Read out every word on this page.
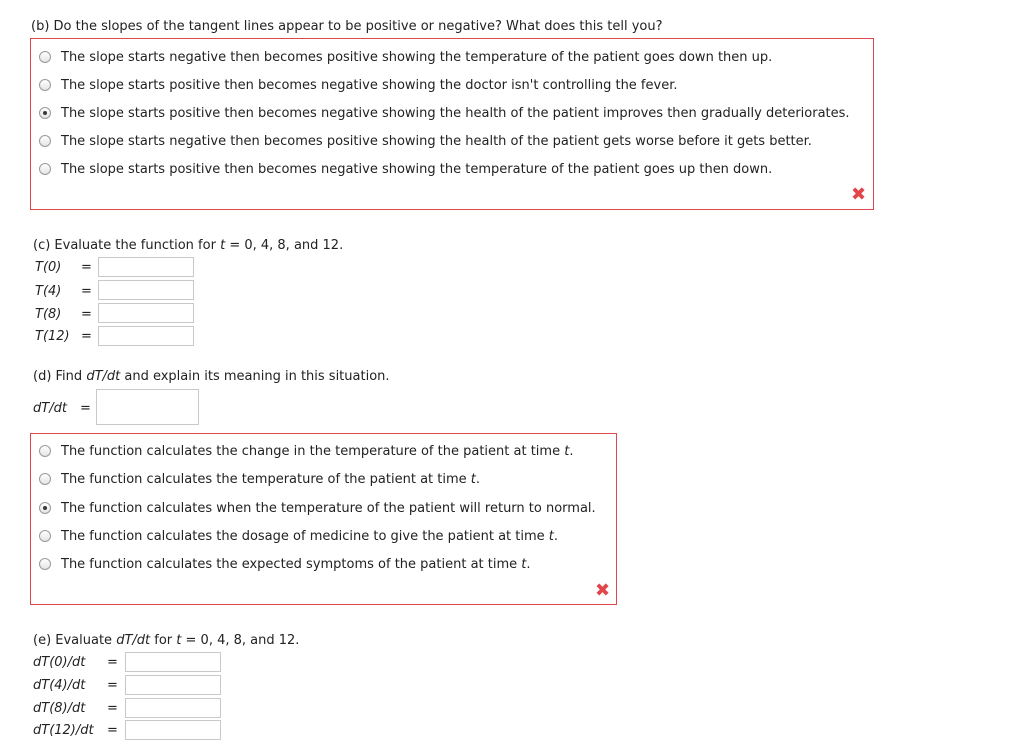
(b) Do the slopes of the tangent lines appear to be positive or negative? What does this tell you?
The slope starts negative then becomes positive showing the temperature of the patient goes down then up.
The slope starts positive then becomes negative showing the doctor isn't controlling the fever.
The slope starts positive then becomes negative showing the health of the patient improves then gradually deteriorates.
The slope starts negative then becomes positive showing the health of the patient gets worse before it gets better.
The slope starts positive then becomes negative showing the temperature of the patient goes up then down.
✖
(c) Evaluate the function for t = 0, 4, 8, and 12.
T(0)	=
T(4)	=
T(8)	=
T(12) =
(d) Find dT/dt and explain its meaning in this situation.
dT/dt	=
The function calculates the change in the temperature of the patient at time
t .
The function calculates the temperature of the patient at time
t .
The function calculates when the temperature of the patient will return to normal.
The function calculates the dosage of medicine to give the patient at time
t .
The function calculates the expected symptoms of the patient at time
t .
✖
(e) Evaluate dT/dt for t = 0, 4, 8, and 12.
dT(0)/dt	=
dT(4)/dt	=
dT(8)/dt	=
dT(12)/dt	=
